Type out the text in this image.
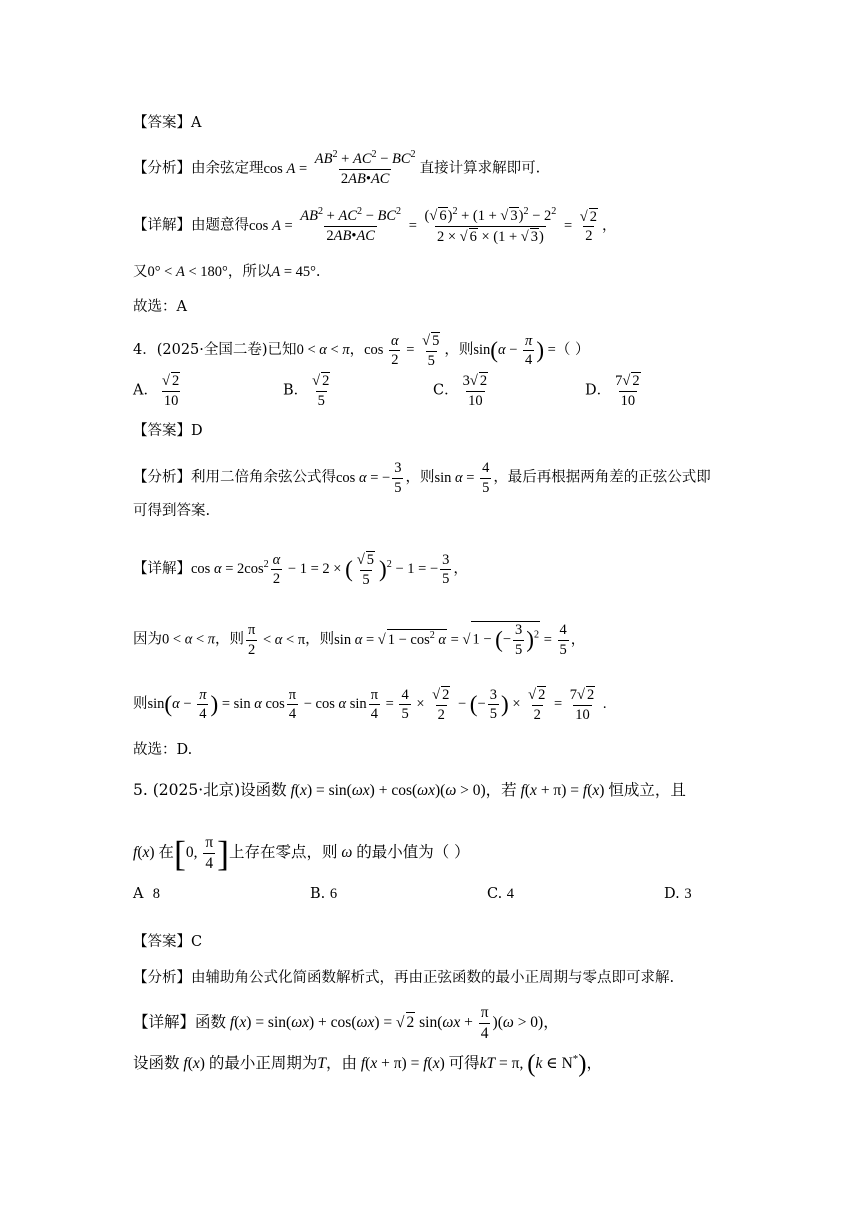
【答案】A
【分析】由余弦定理$\cos A = \frac{AB^2 + AC^2 - BC^2}{2AB•AC}$ 直接计算求解即可.
【详解】由题意得$\cos A = \frac{AB^2 + AC^2 - BC^2}{2AB•AC} = \frac{(√ 6)^2 + (1 + √ 3)^2 - 2^2}{2 \times √ 6 \times (1 + √ 3)} = \frac{√ 2}{2}$ ，
又0° < A < 180°，所以A = 45°.
故选：A
4．(2025·全国二卷)已知0 < α < π，$\cos \frac{\alpha}{2} = \frac{√ 5}{5}$ ，则$\sin(\alpha - \frac{\pi}{4}$ ) =（ ）
A． $\frac{√ 2}{10}$	B． $\frac{√ 2}{5}$	C． $\frac{3√ 2}{10}$	D． $\frac{7√ 2}{10}$
【答案】D
【分析】利用二倍角余弦公式得cos α = − $\frac{3}{5}$ ，则$\sin \alpha = \frac{4}{5}$ ，最后再根据两角差的正弦公式即
可得到答案.
【详解】$\cos \alpha = 2\cos^2 \frac{\alpha}{2} - 1 = 2$ × ( $\frac{√ 5}{5} )^2 - 1$ = − $\frac{3}{5}$ ，
因为0 < α < π，则 $\frac{\pi}{2} < \alpha < \pi$，则sin α = √ $1 - \cos^2 \alpha$ = √ 1 − (− $\frac{3}{5} )^2 = \frac{4}{5}$ ，
则$\sin(\alpha - \frac{\pi}{4}$ ) = sin α $\cos \frac{\pi}{4} - \cos \alpha$ $\sin \frac{\pi}{4} = \frac{4}{5} \times \frac{√ 2}{2}$ − (− $\frac{3}{5}$ ) × $\frac{√ 2}{2} = \frac{7√ 2}{10}$ .
故选：D.
5. (2025·北京)设函数 f(x) = sin(ωx) + cos(ωx)(ω > 0)，若 f(x + π) = f(x) 恒成立，且
f(x) 在[0, $\frac{\pi}{4}$ ]上存在零点，则 ω 的最小值为（ ）
A 8	B. 6	C. 4	D. 3
【答案】C
【分析】由辅助角公式化简函数解析式，再由正弦函数的最小正周期与零点即可求解.
【详解】函数 f(x) = sin(ωx) + cos(ωx) = √ 2 $\sin(\omega x + \frac{\pi}{4} )(\omega > 0)$，
设函数 f(x) 的最小正周期为T，由 f(x + π) = f(x) 可得kT = π, (k ∈ N*)，
